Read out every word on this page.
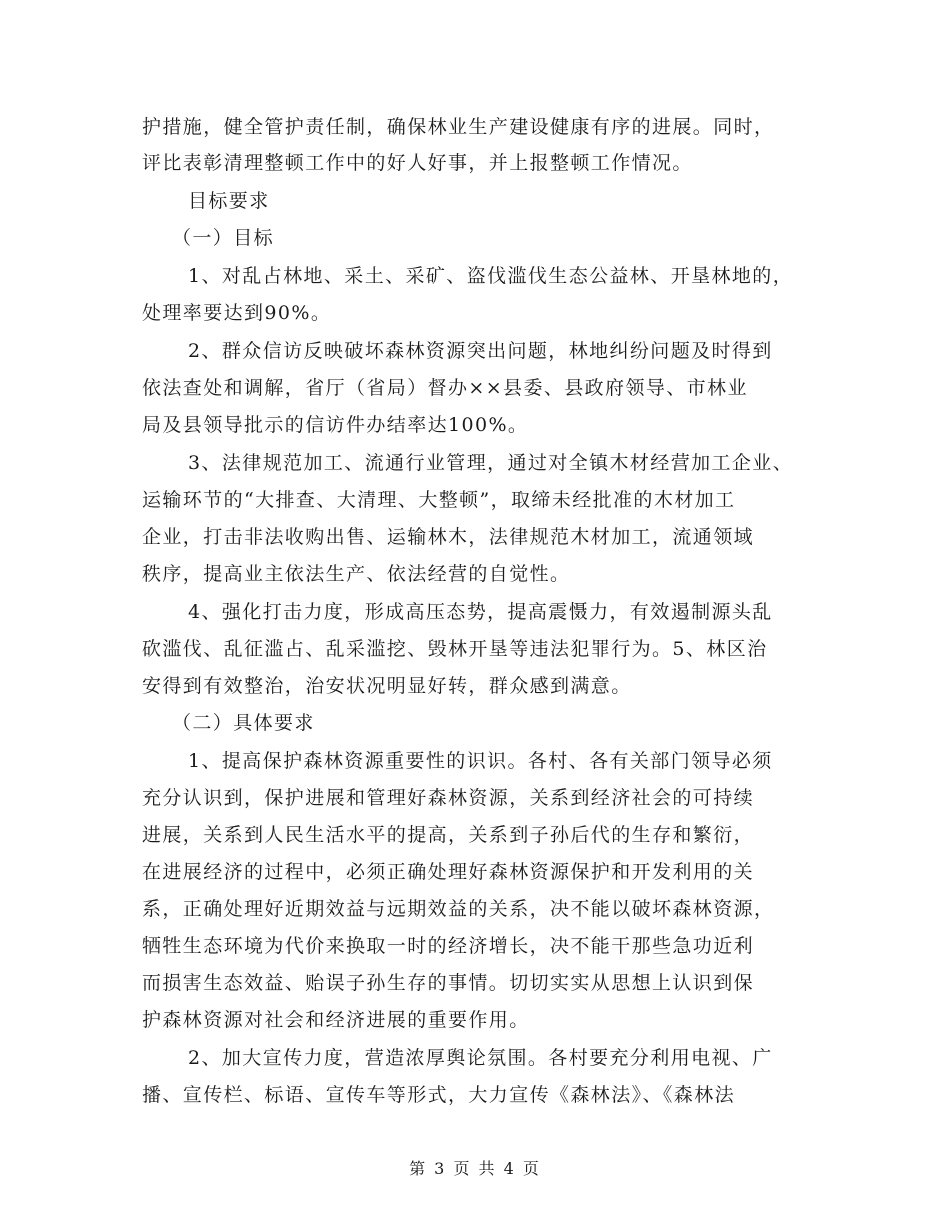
护措施，健全管护责任制，确保林业生产建设健康有序的进展。同时，
评比表彰清理整顿工作中的好人好事，并上报整顿工作情况。
目标要求
（一）目标
1、对乱占林地、采土、采矿、盗伐滥伐生态公益林、开垦林地的，
处理率要达到90%。
2、群众信访反映破坏森林资源突出问题，林地纠纷问题及时得到
依法查处和调解，省厅（省局）督办××县委、县政府领导、市林业
局及县领导批示的信访件办结率达100%。
3、法律规范加工、流通行业管理，通过对全镇木材经营加工企业、
运输环节的“大排查、大清理、大整顿”，取缔未经批准的木材加工
企业，打击非法收购出售、运输林木，法律规范木材加工，流通领域
秩序，提高业主依法生产、依法经营的自觉性。
4、强化打击力度，形成高压态势，提高震慑力，有效遏制源头乱
砍滥伐、乱征滥占、乱采滥挖、毁林开垦等违法犯罪行为。5、林区治
安得到有效整治，治安状况明显好转，群众感到满意。
（二）具体要求
1、提高保护森林资源重要性的识识。各村、各有关部门领导必须
充分认识到，保护进展和管理好森林资源，关系到经济社会的可持续
进展，关系到人民生活水平的提高，关系到子孙后代的生存和繁衍，
在进展经济的过程中，必须正确处理好森林资源保护和开发利用的关
系，正确处理好近期效益与远期效益的关系，决不能以破坏森林资源，
牺牲生态环境为代价来换取一时的经济增长，决不能干那些急功近利
而损害生态效益、贻误子孙生存的事情。切切实实从思想上认识到保
护森林资源对社会和经济进展的重要作用。
2、加大宣传力度，营造浓厚舆论氛围。各村要充分利用电视、广
播、宣传栏、标语、宣传车等形式，大力宣传《森林法》、《森林法
第 3 页 共 4 页
